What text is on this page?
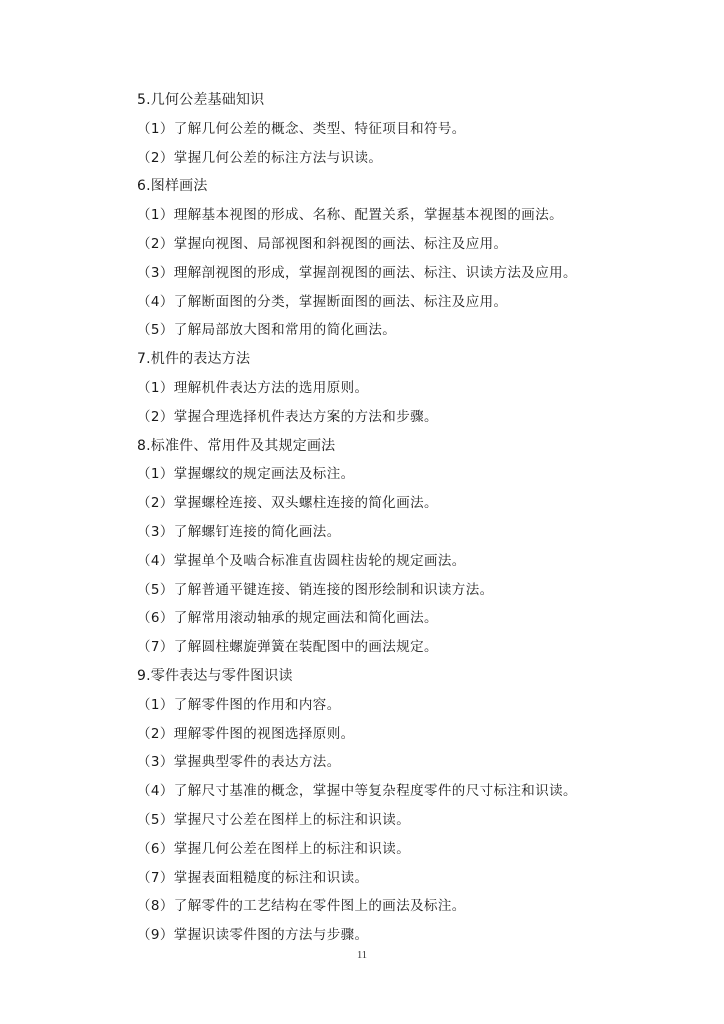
5.几何公差基础知识
（1）了解几何公差的概念、类型、特征项目和符号。
（2）掌握几何公差的标注方法与识读。
6.图样画法
（1）理解基本视图的形成、名称、配置关系，掌握基本视图的画法。
（2）掌握向视图、局部视图和斜视图的画法、标注及应用。
（3）理解剖视图的形成，掌握剖视图的画法、标注、识读方法及应用。
（4）了解断面图的分类，掌握断面图的画法、标注及应用。
（5）了解局部放大图和常用的简化画法。
7.机件的表达方法
（1）理解机件表达方法的选用原则。
（2）掌握合理选择机件表达方案的方法和步骤。
8.标准件、常用件及其规定画法
（1）掌握螺纹的规定画法及标注。
（2）掌握螺栓连接、双头螺柱连接的简化画法。
（3）了解螺钉连接的简化画法。
（4）掌握单个及啮合标准直齿圆柱齿轮的规定画法。
（5）了解普通平键连接、销连接的图形绘制和识读方法。
（6）了解常用滚动轴承的规定画法和简化画法。
（7）了解圆柱螺旋弹簧在装配图中的画法规定。
9.零件表达与零件图识读
（1）了解零件图的作用和内容。
（2）理解零件图的视图选择原则。
（3）掌握典型零件的表达方法。
（4）了解尺寸基准的概念，掌握中等复杂程度零件的尺寸标注和识读。
（5）掌握尺寸公差在图样上的标注和识读。
（6）掌握几何公差在图样上的标注和识读。
（7）掌握表面粗糙度的标注和识读。
（8）了解零件的工艺结构在零件图上的画法及标注。
（9）掌握识读零件图的方法与步骤。
11
